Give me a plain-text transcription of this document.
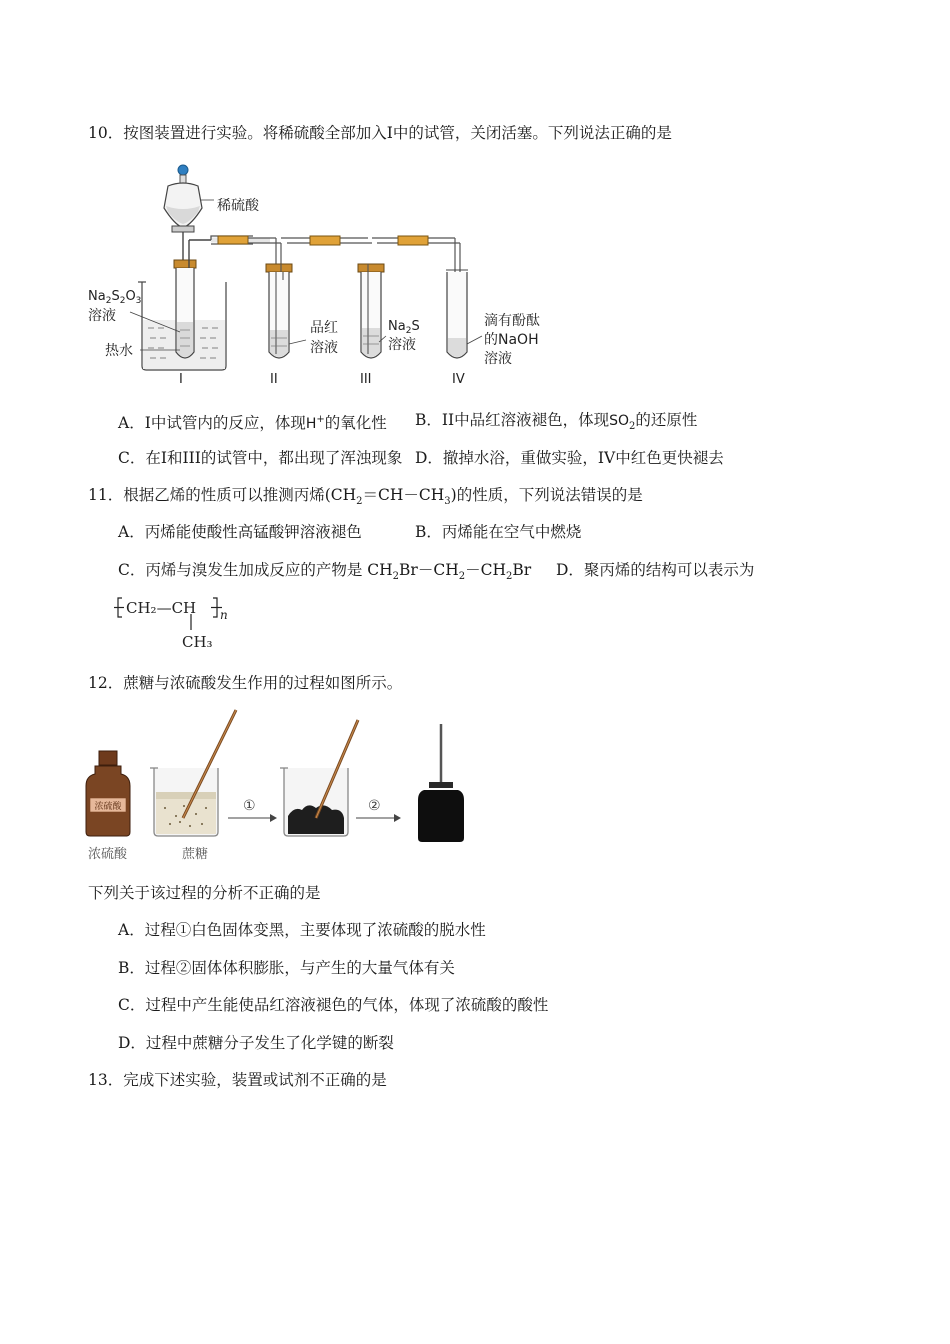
10．按图装置进行实验。将稀硫酸全部加入I中的试管，关闭活塞。下列说法正确的是
稀硫酸
$Na_2S_2O_3$
溶液
热水
I
品红
溶液
II
$Na_2S$
溶液
III
滴有酚酞
的NaOH
溶液
IV
A．I中试管内的反应，体现H+的氧化性 B．II中品红溶液褪色，体现$SO_2$的还原性
C．在I和III的试管中，都出现了浑浊现象 D．撤掉水浴，重做实验，IV中红色更快褪去
11．根据乙烯的性质可以推测丙烯$(CH_2=CH-CH_3)$的性质，下列说法错误的是
A．丙烯能使酸性高锰酸钾溶液褪色	B．丙烯能在空气中燃烧
C．丙烯与溴发生加成反应的产物是 $CH_2Br-CH_2-CH_2Br$ D．聚丙烯的结构可以表示为
CH₂—CH n
CH₃
12．蔗糖与浓硫酸发生作用的过程如图所示。
浓硫酸
浓硫酸	蔗糖
①	②
下列关于该过程的分析不正确的是
A．过程①白色固体变黑，主要体现了浓硫酸的脱水性
B．过程②固体体积膨胀，与产生的大量气体有关
C．过程中产生能使品红溶液褪色的气体，体现了浓硫酸的酸性
D．过程中蔗糖分子发生了化学键的断裂
13．完成下述实验，装置或试剂不正确的是
